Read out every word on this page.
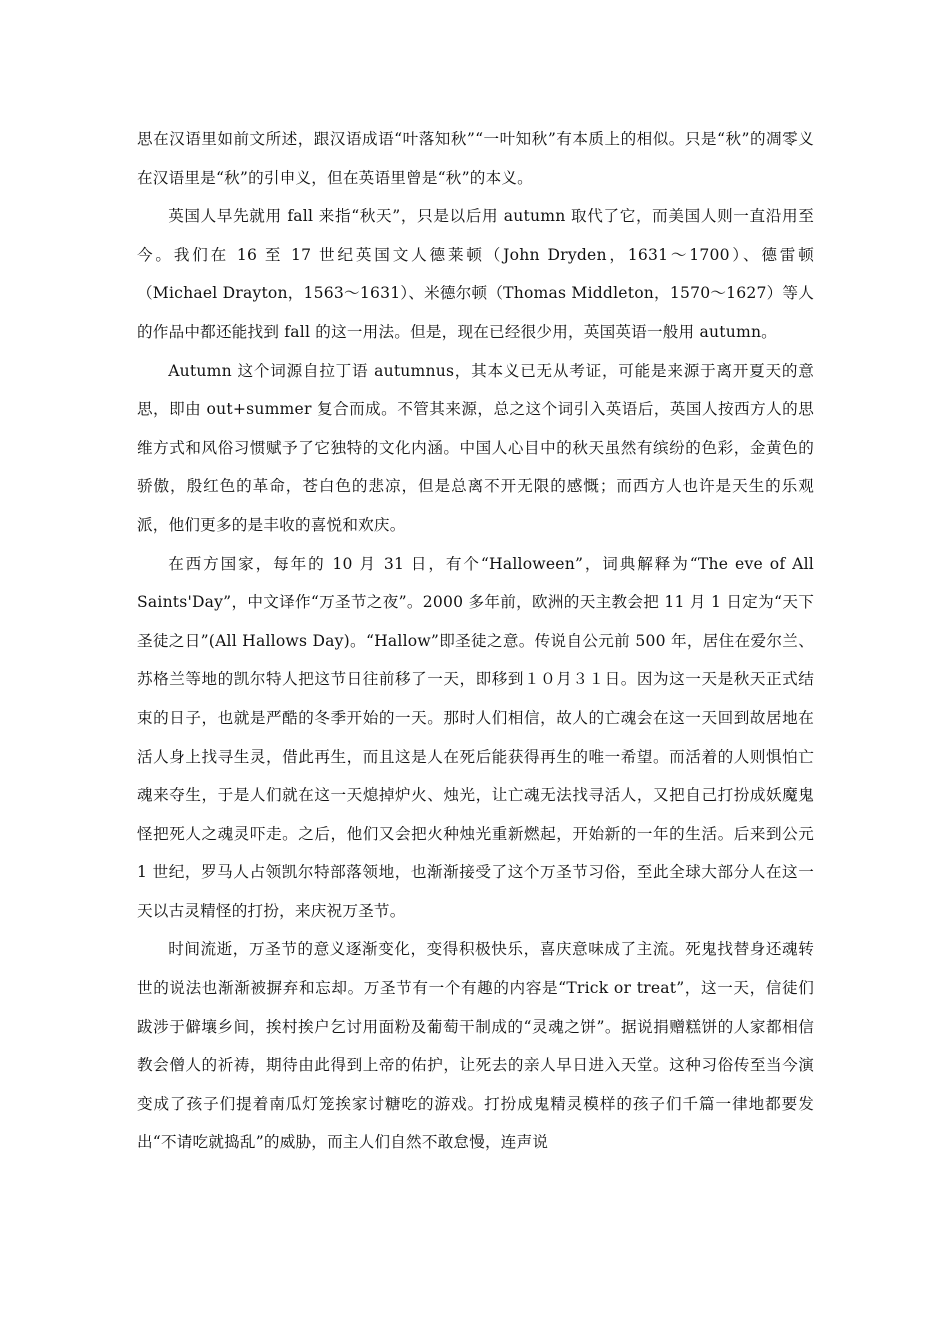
思在汉语里如前文所述，跟汉语成语“叶落知秋”“一叶知秋”有本质上的相似。只是“秋”的凋零义在汉语里是“秋”的引申义，但在英语里曾是“秋”的本义。

英国人早先就用 fall 来指“秋天”，只是以后用 autumn 取代了它，而美国人则一直沿用至今。我们在 16 至 17 世纪英国文人德莱顿（John Dryden，1631～1700）、德雷顿（Michael Drayton，1563～1631）、米德尔顿（Thomas Middleton，1570～1627）等人的作品中都还能找到 fall 的这一用法。但是，现在已经很少用，英国英语一般用 autumn。

Autumn 这个词源自拉丁语 autumnus，其本义已无从考证，可能是来源于离开夏天的意思，即由 out+summer 复合而成。不管其来源，总之这个词引入英语后，英国人按西方人的思维方式和风俗习惯赋予了它独特的文化内涵。中国人心目中的秋天虽然有缤纷的色彩，金黄色的骄傲，殷红色的革命，苍白色的悲凉，但是总离不开无限的感慨；而西方人也许是天生的乐观派，他们更多的是丰收的喜悦和欢庆。

在西方国家，每年的 10 月 31 日，有个“Halloween”，词典解释为“The eve of All Saints'Day”，中文译作“万圣节之夜”。2000 多年前，欧洲的天主教会把 11 月 1 日定为“天下圣徒之日”(All Hallows Day)。“Hallow”即圣徒之意。传说自公元前 500 年，居住在爱尔兰、苏格兰等地的凯尔特人把这节日往前移了一天，即移到１０月３１日。因为这一天是秋天正式结束的日子，也就是严酷的冬季开始的一天。那时人们相信，故人的亡魂会在这一天回到故居地在活人身上找寻生灵，借此再生，而且这是人在死后能获得再生的唯一希望。而活着的人则惧怕亡魂来夺生，于是人们就在这一天熄掉炉火、烛光，让亡魂无法找寻活人，又把自己打扮成妖魔鬼怪把死人之魂灵吓走。之后，他们又会把火种烛光重新燃起，开始新的一年的生活。后来到公元 1 世纪，罗马人占领凯尔特部落领地，也渐渐接受了这个万圣节习俗，至此全球大部分人在这一天以古灵精怪的打扮，来庆祝万圣节。

时间流逝，万圣节的意义逐渐变化，变得积极快乐，喜庆意味成了主流。死鬼找替身还魂转世的说法也渐渐被摒弃和忘却。万圣节有一个有趣的内容是“Trick or treat”，这一天，信徒们跋涉于僻壤乡间，挨村挨户乞讨用面粉及葡萄干制成的“灵魂之饼”。据说捐赠糕饼的人家都相信教会僧人的祈祷，期待由此得到上帝的佑护，让死去的亲人早日进入天堂。这种习俗传至当今演变成了孩子们提着南瓜灯笼挨家讨糖吃的游戏。打扮成鬼精灵模样的孩子们千篇一律地都要发出“不请吃就捣乱”的威胁，而主人们自然不敢怠慢，连声说
